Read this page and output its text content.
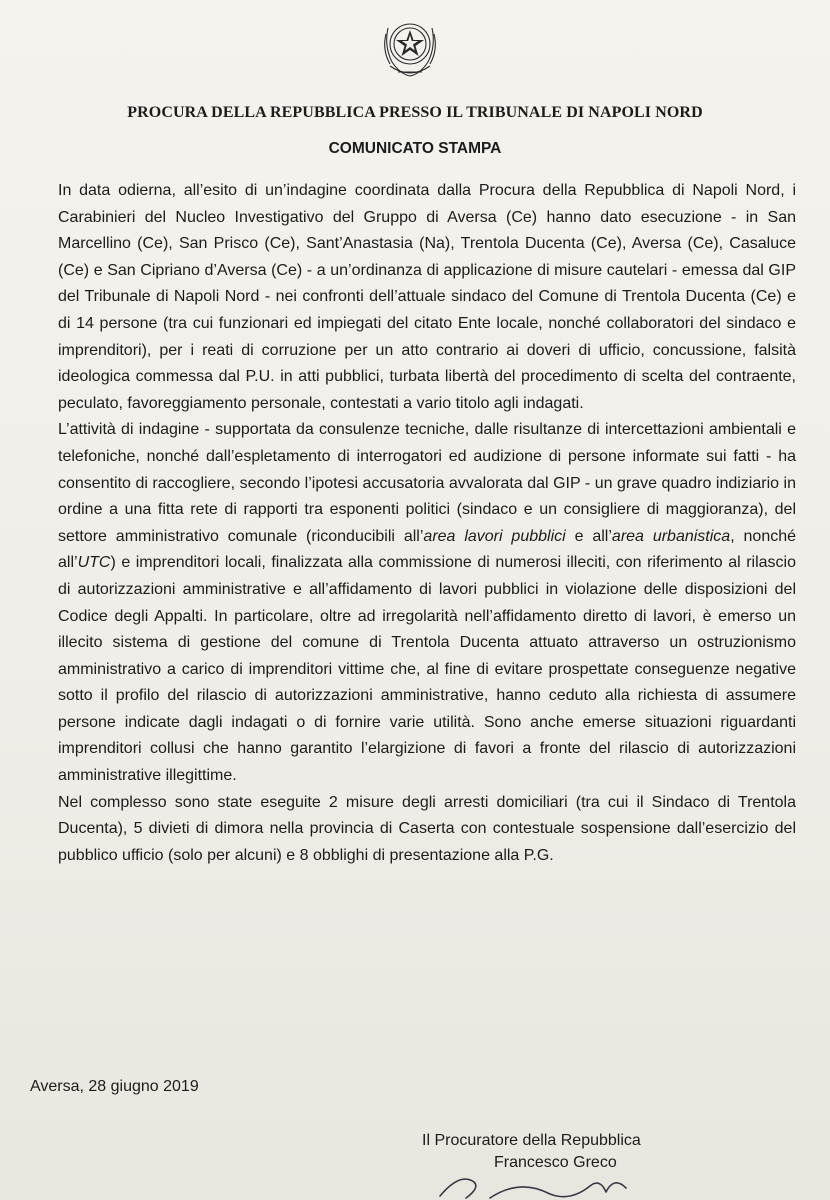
PROCURA DELLA REPUBBLICA PRESSO IL TRIBUNALE DI NAPOLI NORD
COMUNICATO STAMPA

In data odierna, all’esito di un’indagine coordinata dalla Procura della Repubblica di Napoli Nord, i Carabinieri del Nucleo Investigativo del Gruppo di Aversa (Ce) hanno dato esecuzione - in San Marcellino (Ce), San Prisco (Ce), Sant’Anastasia (Na), Trentola Ducenta (Ce), Aversa (Ce), Casaluce (Ce) e San Cipriano d’Aversa (Ce) - a un’ordinanza di applicazione di misure cautelari - emessa dal GIP del Tribunale di Napoli Nord - nei confronti dell’attuale sindaco del Comune di Trentola Ducenta (Ce) e di 14 persone (tra cui funzionari ed impiegati del citato Ente locale, nonché collaboratori del sindaco e imprenditori), per i reati di corruzione per un atto contrario ai doveri di ufficio, concussione, falsità ideologica commessa dal P.U. in atti pubblici, turbata libertà del procedimento di scelta del contraente, peculato, favoreggiamento personale, contestati a vario titolo agli indagati.

L’attività di indagine - supportata da consulenze tecniche, dalle risultanze di intercettazioni ambientali e telefoniche, nonché dall’espletamento di interrogatori ed audizione di persone informate sui fatti - ha consentito di raccogliere, secondo l’ipotesi accusatoria avvalorata dal GIP - un grave quadro indiziario in ordine a una fitta rete di rapporti tra esponenti politici (sindaco e un consigliere di maggioranza), del settore amministrativo comunale (riconducibili all’area lavori pubblici e all’area urbanistica, nonché all’UTC) e imprenditori locali, finalizzata alla commissione di numerosi illeciti, con riferimento al rilascio di autorizzazioni amministrative e all’affidamento di lavori pubblici in violazione delle disposizioni del Codice degli Appalti. In particolare, oltre ad irregolarità nell’affidamento diretto di lavori, è emerso un illecito sistema di gestione del comune di Trentola Ducenta attuato attraverso un ostruzionismo amministrativo a carico di imprenditori vittime che, al fine di evitare prospettate conseguenze negative sotto il profilo del rilascio di autorizzazioni amministrative, hanno ceduto alla richiesta di assumere persone indicate dagli indagati o di fornire varie utilità. Sono anche emerse situazioni riguardanti imprenditori collusi che hanno garantito l’elargizione di favori a fronte del rilascio di autorizzazioni amministrative illegittime.

Nel complesso sono state eseguite 2 misure degli arresti domiciliari (tra cui il Sindaco di Trentola Ducenta), 5 divieti di dimora nella provincia di Caserta con contestuale sospensione dall’esercizio del pubblico ufficio (solo per alcuni) e 8 obblighi di presentazione alla P.G.

Aversa, 28 giugno 2019
Il Procuratore della Repubblica
Francesco Greco
